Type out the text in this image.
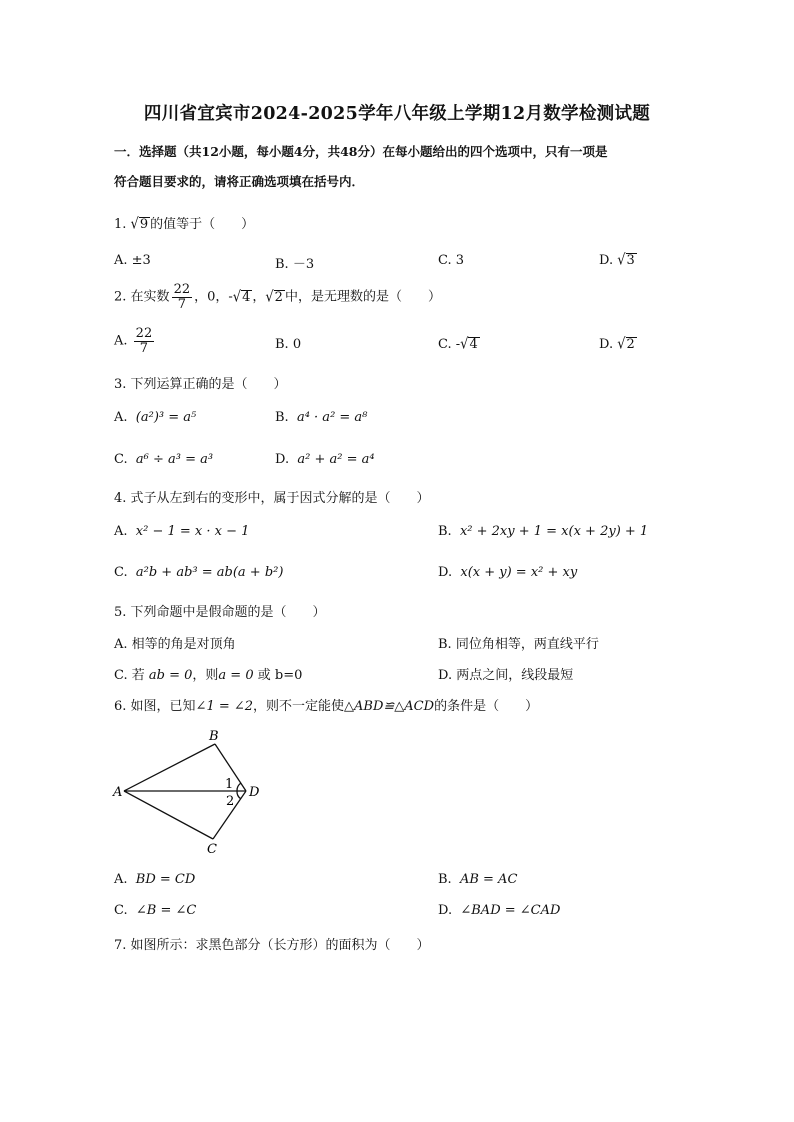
四川省宜宾市2024-2025学年八年级上学期12月数学检测试题
一．选择题（共12小题，每小题4分，共48分）在每小题给出的四个选项中，只有一项是
符合题目要求的，请将正确选项填在括号内．
1. √9 的值等于（　　）
A. ±3	B. －3	C. 3	D. √3
2. 在实数 $\frac{22}{7}$ ，0，-√4 ，√2 中，是无理数的是（　　）
A. $\frac{22}{7}$	B. 0	C. -√4	D. √2
3. 下列运算正确的是（　　）
A. (a²)³ = a⁵	B. a⁴ · a² = a⁸
C. a⁶ ÷ a³ = a³	D. a² + a² = a⁴
4. 式子从左到右的变形中，属于因式分解的是（　　）
A. x² − 1 = x · x − 1	B. x² + 2xy + 1 = x(x + 2y) + 1
C. a²b + ab³ = ab(a + b²)	D. x(x + y) = x² + xy
5. 下列命题中是假命题的是（　　）
A. 相等的角是对顶角	B. 同位角相等，两直线平行
C. 若 ab = 0，则a = 0 或 b=0	D. 两点之间，线段最短
6. 如图，已知∠1 = ∠2，则不一定能使△ABD≌△ACD的条件是（　　）
A
B
C
D
1
2
A. BD = CD	B. AB = AC
C. ∠B = ∠C	D. ∠BAD = ∠CAD
7. 如图所示：求黑色部分（长方形）的面积为（　　）
